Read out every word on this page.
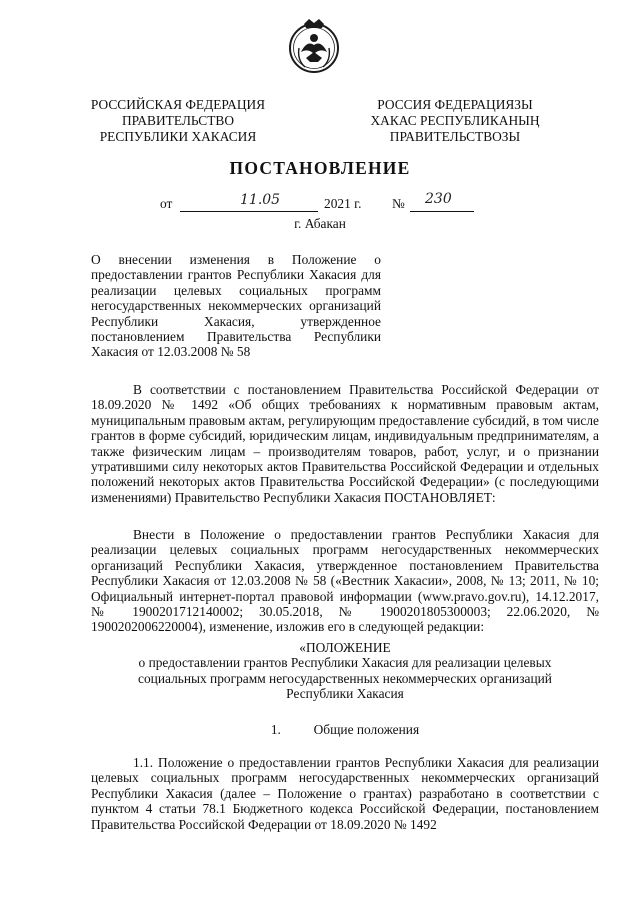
РОССИЙСКАЯ ФЕДЕРАЦИЯ
ПРАВИТЕЛЬСТВО
РЕСПУБЛИКИ ХАКАСИЯ
РОССИЯ ФЕДЕРАЦИЯЗЫ
ХАКАС РЕСПУБЛИКАНЫҢ
ПРАВИТЕЛЬСТВОЗЫ
ПОСТАНОВЛЕНИЕ
от	11.05	2021 г. № 230
г. Абакан
О внесении изменения в Положение о предоставлении грантов Республики Хакасия для реализации целевых социальных программ негосударственных некоммерческих организаций Республики Хакасия, утвержденное постановлением Правительства Республики Хакасия от 12.03.2008 № 58
В соответствии с постановлением Правительства Российской Федерации от 18.09.2020 № 1492 «Об общих требованиях к нормативным правовым актам, муниципальным правовым актам, регулирующим предоставление субсидий, в том числе грантов в форме субсидий, юридическим лицам, индивидуальным предпринимателям, а также физическим лицам – производителям товаров, работ, услуг, и о признании утратившими силу некоторых актов Правительства Российской Федерации и отдельных положений некоторых актов Правительства Российской Федерации» (с последующими изменениями) Правительство Республики Хакасия ПОСТАНОВЛЯЕТ:
Внести в Положение о предоставлении грантов Республики Хакасия для реализации целевых социальных программ негосударственных некоммерческих организаций Республики Хакасия, утвержденное постановлением Правительства Республики Хакасия от 12.03.2008 № 58 («Вестник Хакасии», 2008, № 13; 2011, № 10; Официальный интернет-портал правовой информации (www.pravo.gov.ru), 14.12.2017, № 1900201712140002; 30.05.2018, № 1900201805300003; 22.06.2020, № 1900202006220004), изменение, изложив его в следующей редакции:
«ПОЛОЖЕНИЕ
о предоставлении грантов Республики Хакасия для реализации целевых
социальных программ негосударственных некоммерческих организаций
Республики Хакасия
1. Общие положения
1.1. Положение о предоставлении грантов Республики Хакасия для реализации целевых социальных программ негосударственных некоммерческих организаций Республики Хакасия (далее – Положение о грантах) разработано в соответствии с пунктом 4 статьи 78.1 Бюджетного кодекса Российской Федерации, постановлением Правительства Российской Федерации от 18.09.2020 № 1492
